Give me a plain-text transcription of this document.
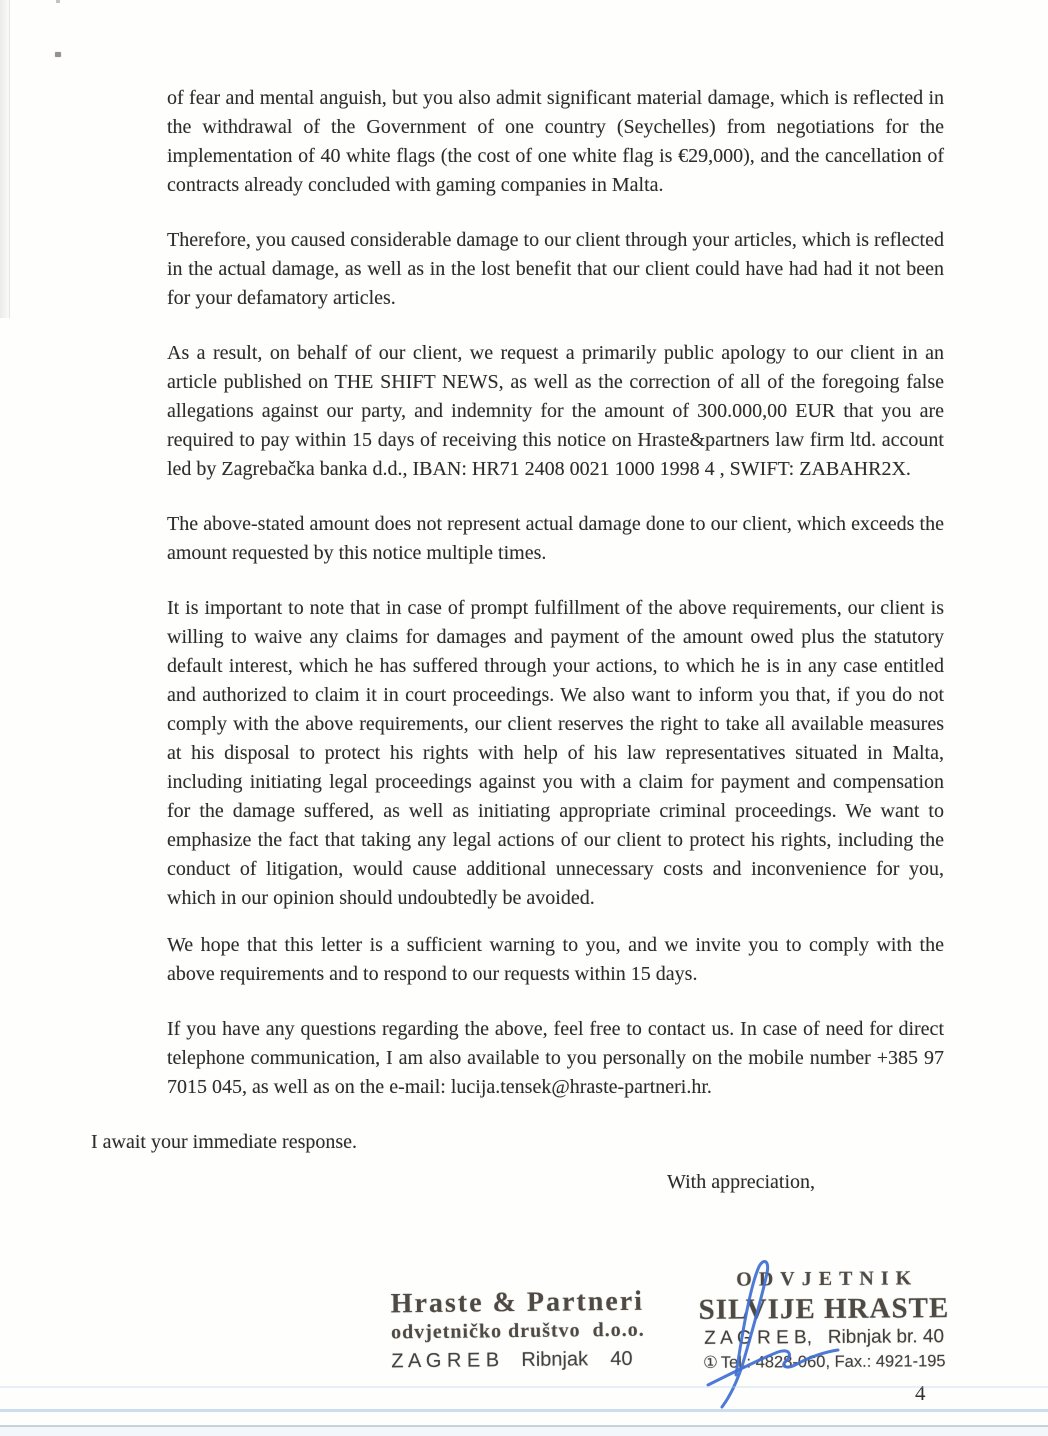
of fear and mental anguish, but you also admit significant material damage, which is reflected in the withdrawal of the Government of one country (Seychelles) from negotiations for the implementation of 40 white flags (the cost of one white flag is €29,000), and the cancellation of contracts already concluded with gaming companies in Malta.

Therefore, you caused considerable damage to our client through your articles, which is reflected in the actual damage, as well as in the lost benefit that our client could have had had it not been for your defamatory articles.

As a result, on behalf of our client, we request a primarily public apology to our client in an article published on THE SHIFT NEWS, as well as the correction of all of the foregoing false allegations against our party, and indemnity for the amount of 300.000,00 EUR that you are required to pay within 15 days of receiving this notice on Hraste&partners law firm ltd. account led by Zagrebačka banka d.d., IBAN: HR71 2408 0021 1000 1998 4 , SWIFT: ZABAHR2X.

The above-stated amount does not represent actual damage done to our client, which exceeds the amount requested by this notice multiple times.

It is important to note that in case of prompt fulfillment of the above requirements, our client is willing to waive any claims for damages and payment of the amount owed plus the statutory default interest, which he has suffered through your actions, to which he is in any case entitled and authorized to claim it in court proceedings. We also want to inform you that, if you do not comply with the above requirements, our client reserves the right to take all available measures at his disposal to protect his rights with help of his law representatives situated in Malta, including initiating legal proceedings against you with a claim for payment and compensation for the damage suffered, as well as initiating appropriate criminal proceedings. We want to emphasize the fact that taking any legal actions of our client to protect his rights, including the conduct of litigation, would cause additional unnecessary costs and inconvenience for you, which in our opinion should undoubtedly be avoided.

We hope that this letter is a sufficient warning to you, and we invite you to comply with the above requirements and to respond to our requests within 15 days.

If you have any questions regarding the above, feel free to contact us. In case of need for direct telephone communication, I am also available to you personally on the mobile number +385 97 7015 045, as well as on the e-mail: lucija.tensek@hraste-partneri.hr.

I await your immediate response.
With appreciation,
Hraste & Partneri
odvjetničko društvo  d.o.o.
Z A G R E B    Ribnjak    40
ODVJETNIK
SILVIJE HRASTE
Z A G R E B,   Ribnjak br. 40
① Tel.: 4828-060, Fax.: 4921-195
4
